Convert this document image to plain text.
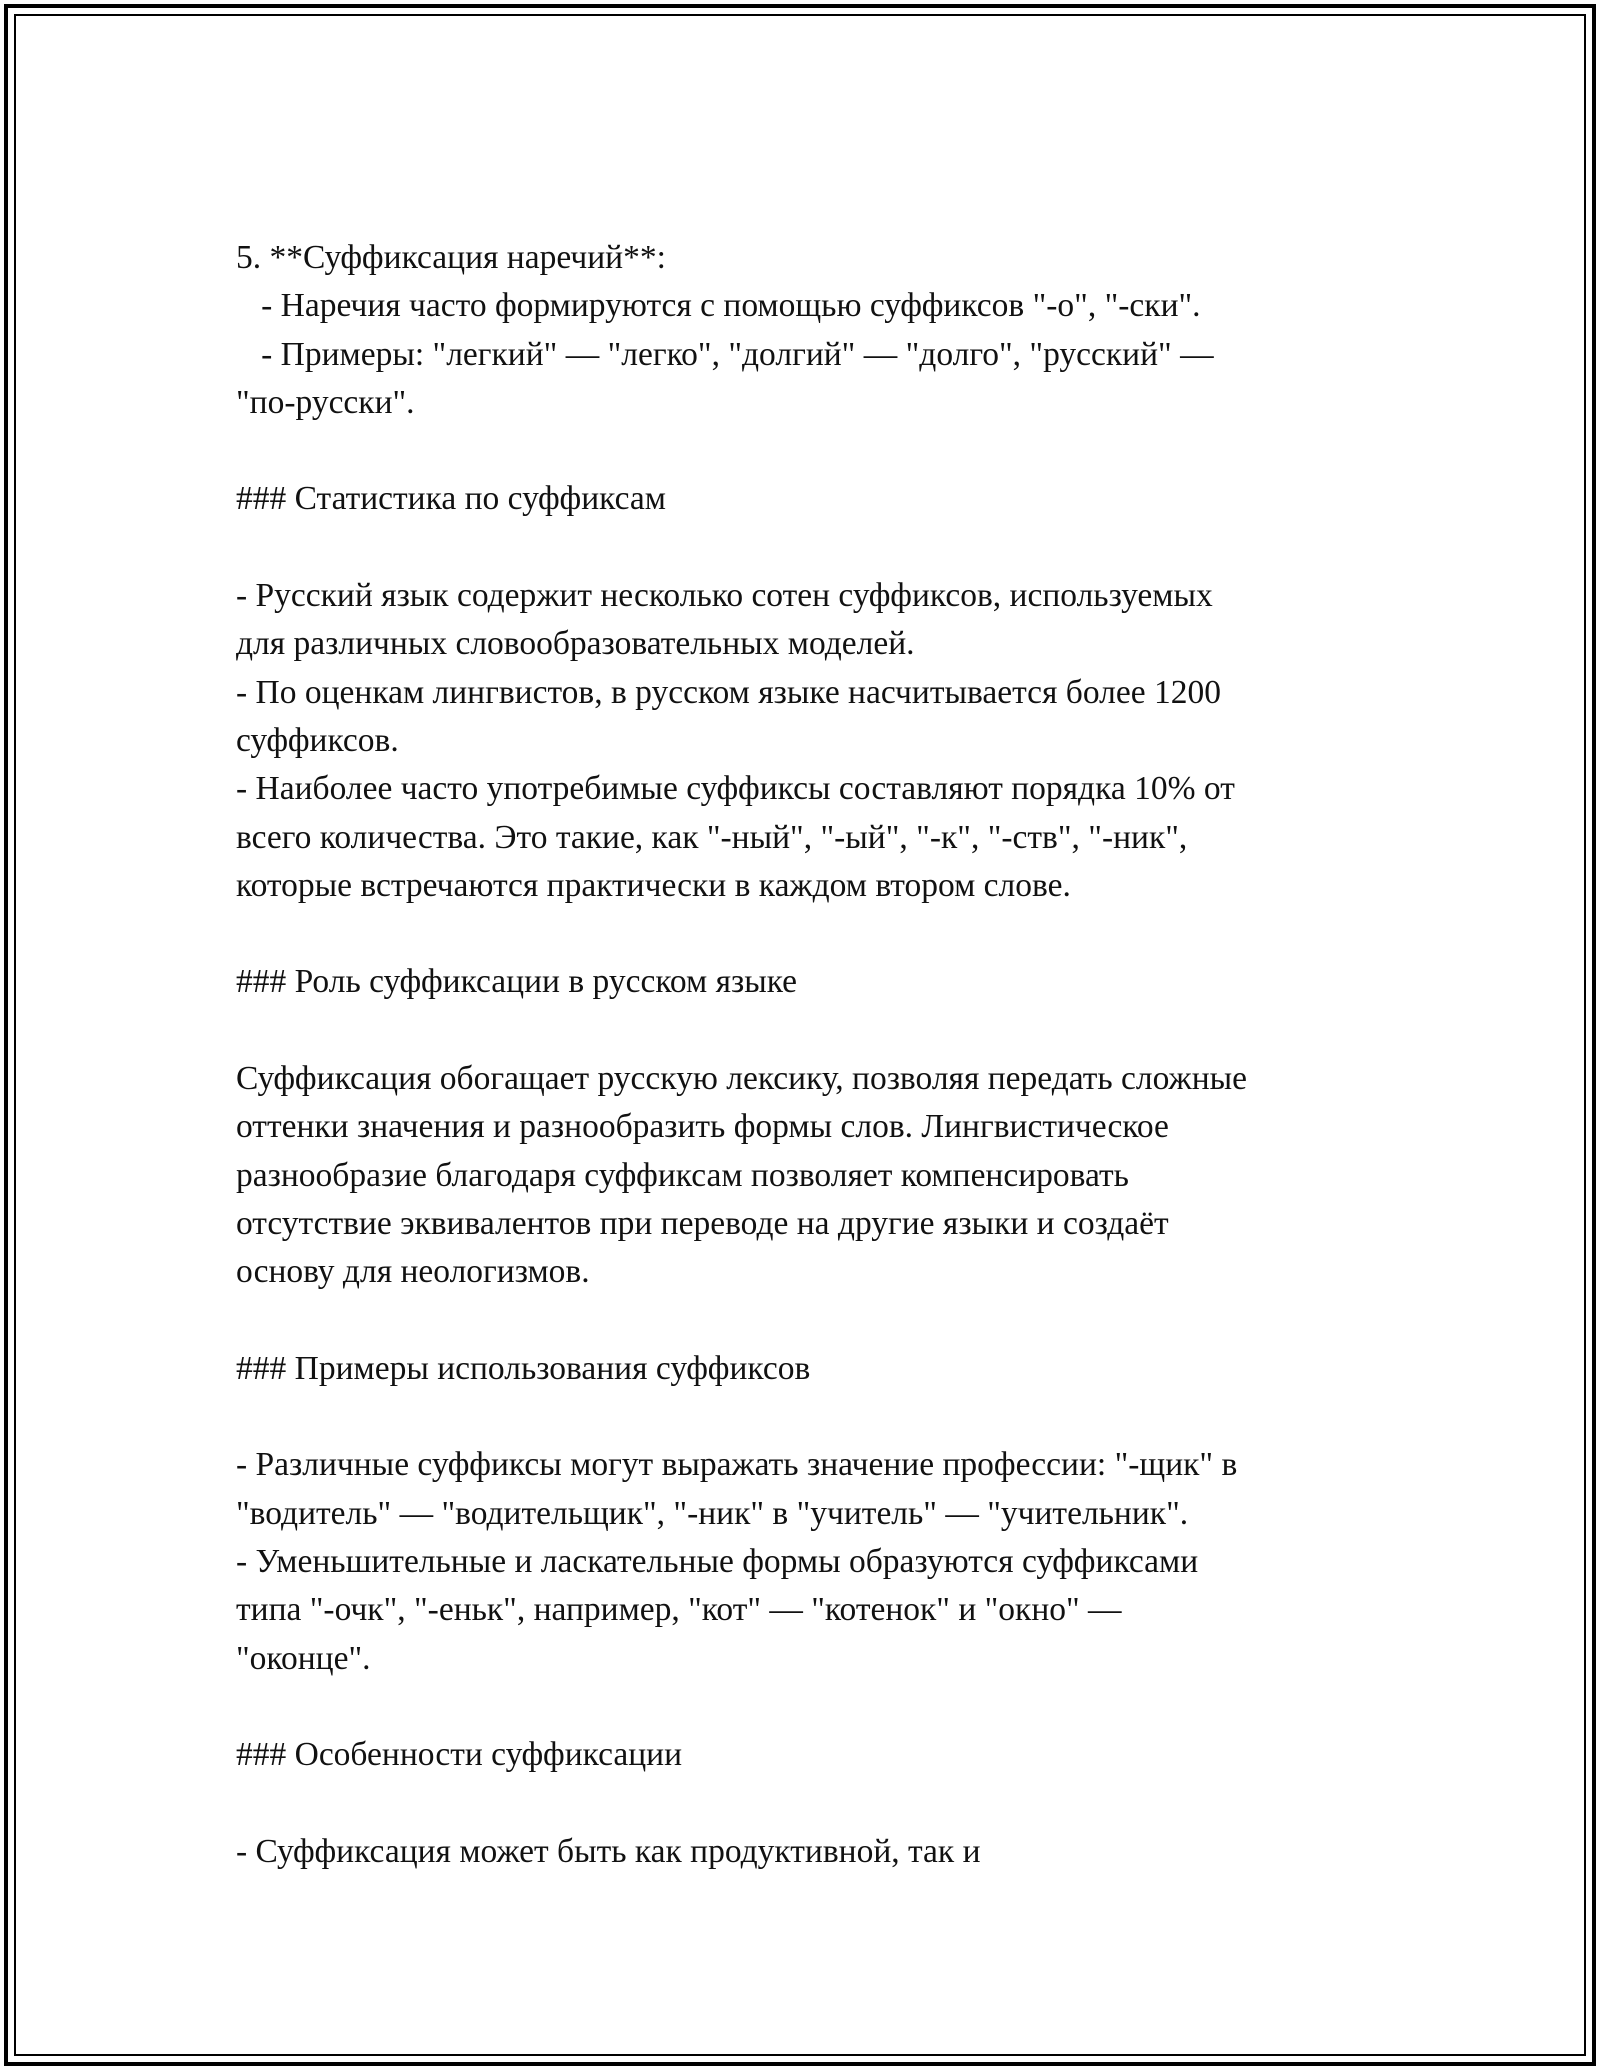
5. **Суффиксация наречий**:
- Наречия часто формируются с помощью суффиксов "-о", "-ски".
- Примеры: "легкий" — "легко", "долгий" — "долго", "русский" —
"по-русски".
### Статистика по суффиксам
- Русский язык содержит несколько сотен суффиксов, используемых
для различных словообразовательных моделей.
- По оценкам лингвистов, в русском языке насчитывается более 1200
суффиксов.
- Наиболее часто употребимые суффиксы составляют порядка 10% от
всего количества. Это такие, как "-ный", "-ый", "-к", "-ств", "-ник",
которые встречаются практически в каждом втором слове.
### Роль суффиксации в русском языке
Суффиксация обогащает русскую лексику, позволяя передать сложные
оттенки значения и разнообразить формы слов. Лингвистическое
разнообразие благодаря суффиксам позволяет компенсировать
отсутствие эквивалентов при переводе на другие языки и создаёт
основу для неологизмов.
### Примеры использования суффиксов
- Различные суффиксы могут выражать значение профессии: "-щик" в
"водитель" — "водительщик", "-ник" в "учитель" — "учительник".
- Уменьшительные и ласкательные формы образуются суффиксами
типа "-очк", "-еньк", например, "кот" — "котенок" и "окно" —
"оконце".
### Особенности суффиксации
- Суффиксация может быть как продуктивной, так и
